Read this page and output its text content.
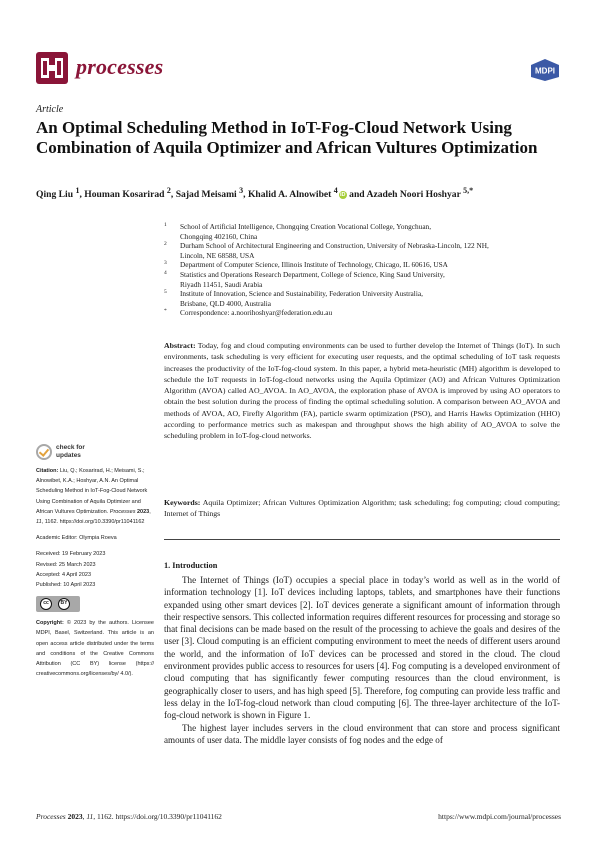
processes	MDPI
Article
An Optimal Scheduling Method in IoT-Fog-Cloud Network Using Combination of Aquila Optimizer and African Vultures Optimization
Qing Liu $^1$, Houman Kosarirad $^2$, Sajad Meisami $^3$, Khalid A. Alnowibet $^4$iD and Azadeh Noori Hoshyar $^{5,*}$
1 School of Artificial Intelligence, Chongqing Creation Vocational College, Yongchuan,
Chongqing 402160, China
2 Durham School of Architectural Engineering and Construction, University of Nebraska-Lincoln, 122 NH,
Lincoln, NE 68588, USA
3 Department of Computer Science, Illinois Institute of Technology, Chicago, IL 60616, USA
4 Statistics and Operations Research Department, College of Science, King Saud University,
Riyadh 11451, Saudi Arabia
5 Institute of Innovation, Science and Sustainability, Federation University Australia,
Brisbane, QLD 4000, Australia
* Correspondence: a.noorihoshyar@federation.edu.au
Abstract: Today, fog and cloud computing environments can be used to further develop the Internet of Things (IoT). In such environments, task scheduling is very efficient for executing user requests, and the optimal scheduling of IoT task requests increases the productivity of the IoT-fog-cloud system. In this paper, a hybrid meta-heuristic (MH) algorithm is developed to schedule the IoT requests in IoT-fog-cloud networks using the Aquila Optimizer (AO) and African Vultures Optimization Algorithm (AVOA) called AO_AVOA. In AO_AVOA, the exploration phase of AVOA is improved by using AO operators to obtain the best solution during the process of finding the optimal scheduling solution. A comparison between AO_AVOA and methods of AVOA, AO, Firefly Algorithm (FA), particle swarm optimization (PSO), and Harris Hawks Optimization (HHO) according to performance metrics such as makespan and throughput shows the high ability of AO_AVOA to solve the scheduling problem in IoT-fog-cloud networks.
Keywords: Aquila Optimizer; African Vultures Optimization Algorithm; task scheduling; fog computing; cloud computing; Internet of Things
1. Introduction

The Internet of Things (IoT) occupies a special place in today’s world as well as in the world of information technology [1]. IoT devices including laptops, tablets, and smartphones have their functions expanded using other smart devices [2]. IoT devices generate a significant amount of information through their respective sensors. This collected information requires different resources for processing and storage so that final decisions can be made based on the result of the processing to achieve the goals and desires of the user [3]. Cloud computing is an efficient computing environment to meet the needs of different users around the world, and the information of IoT devices can be processed and stored in the cloud. The cloud environment provides public access to resources for users [4]. Fog computing is a developed environment of cloud computing that has significantly fewer computing resources than the cloud environment, is geographically closer to users, and has high speed [5]. Therefore, fog computing can provide less traffic and less delay in the IoT-fog-cloud network than cloud computing [6]. The three-layer architecture of the IoT-fog-cloud network is shown in Figure 1.

The highest layer includes servers in the cloud environment that can store and process significant amounts of user data. The middle layer consists of fog nodes and the edge of

check for
updates
Citation: Liu, Q.; Kosarirad, H.; Meisami, S.; Alnowibet, K.A.; Hoshyar, A.N. An Optimal Scheduling Method in IoT-Fog-Cloud Network Using Combination of Aquila Optimizer and African Vultures Optimization. Processes 2023, 11, 1162. https://doi.org/10.3390/pr11041162
Academic Editor: Olympia Roeva
Received: 19 February 2023
Revised: 25 March 2023
Accepted: 4 April 2023
Published: 10 April 2023
cc	BY
Copyright: © 2023 by the authors. Licensee MDPI, Basel, Switzerland. This article is an open access article distributed under the terms and conditions of the Creative Commons Attribution (CC BY) license (https:// creativecommons.org/licenses/by/ 4.0/).
Processes 2023, 11, 1162. https://doi.org/10.3390/pr11041162	https://www.mdpi.com/journal/processes
